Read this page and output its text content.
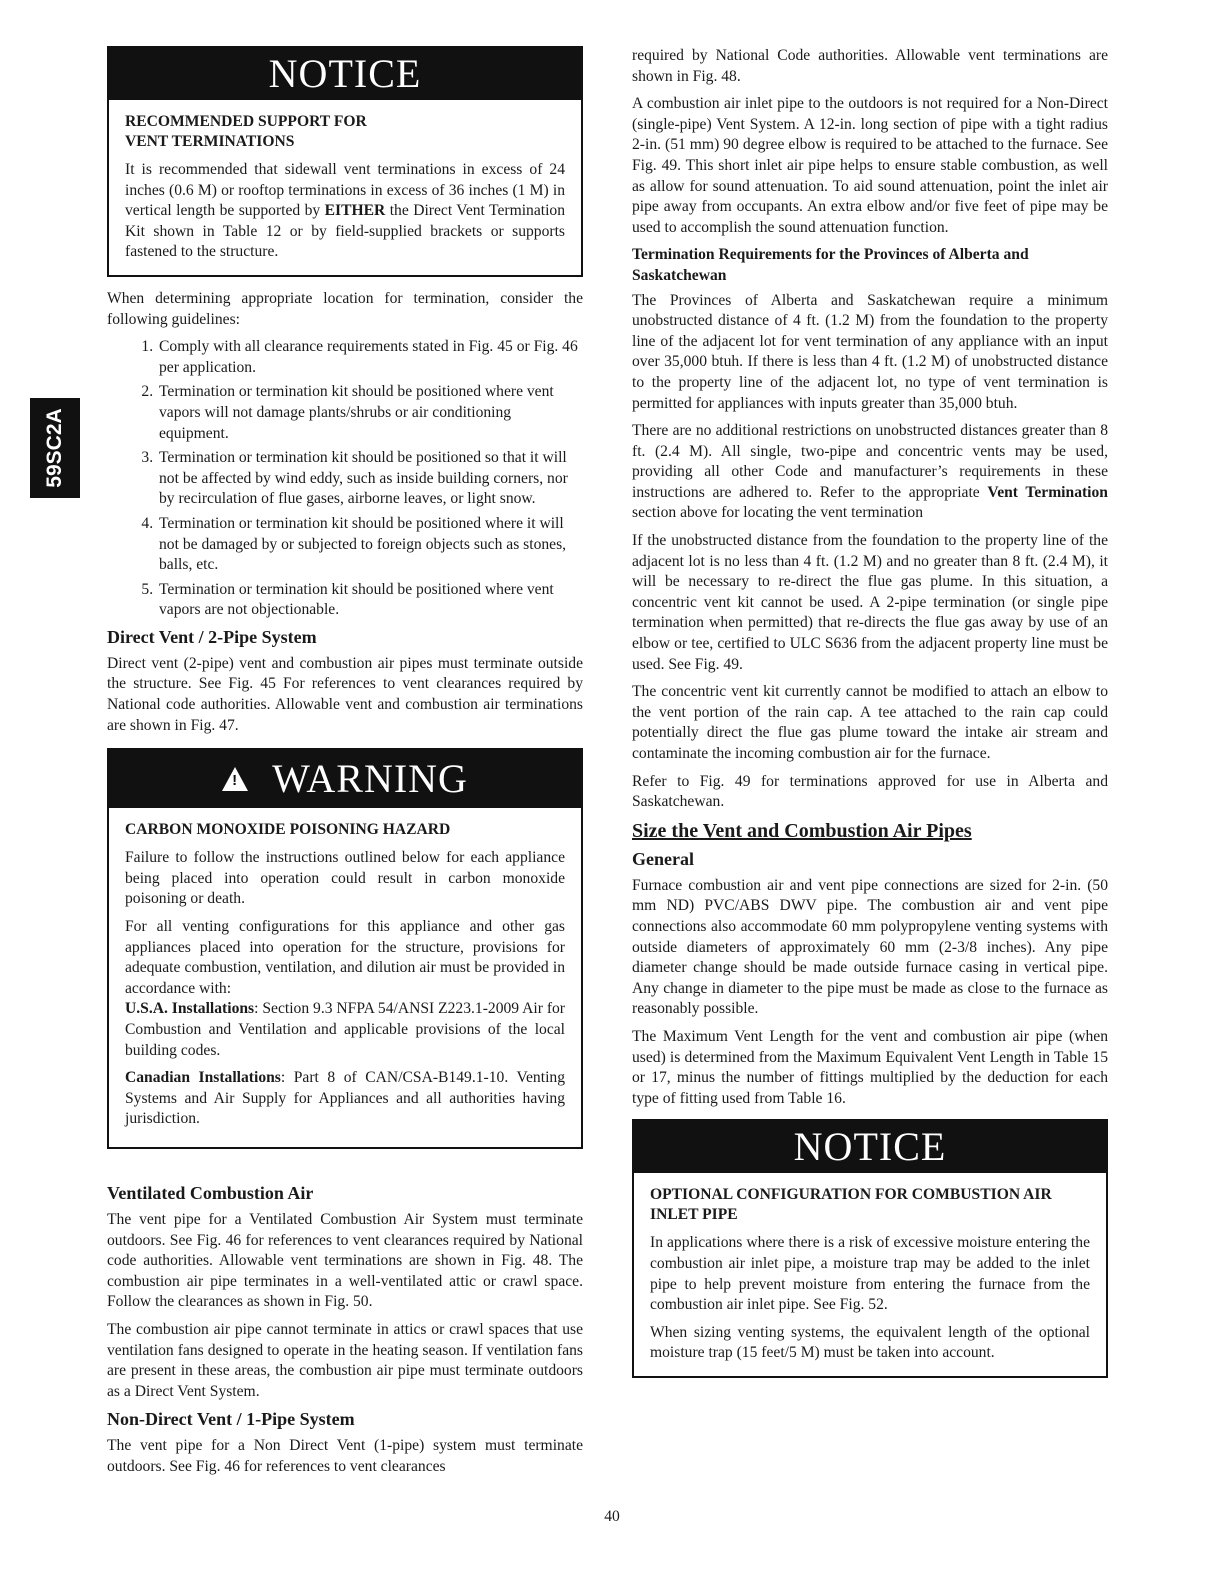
59SC2A
NOTICE
RECOMMENDED SUPPORT FOR
VENT TERMINATIONS

It is recommended that sidewall vent terminations in excess of 24 inches (0.6 M) or rooftop terminations in excess of 36 inches (1 M) in vertical length be supported by EITHER the Direct Vent Termination Kit shown in Table 12 or by field-supplied brackets or supports fastened to the structure.

When determining appropriate location for termination, consider the following guidelines:

1. Comply with all clearance requirements stated in Fig. 45 or Fig. 46 per application.
2. Termination or termination kit should be positioned where vent vapors will not damage plants/shrubs or air conditioning equipment.
3. Termination or termination kit should be positioned so that it will not be affected by wind eddy, such as inside building corners, nor by recirculation of flue gases, airborne leaves, or light snow.
4. Termination or termination kit should be positioned where it will not be damaged by or subjected to foreign objects such as stones, balls, etc.
5. Termination or termination kit should be positioned where vent vapors are not objectionable.
Direct Vent / 2-Pipe System

Direct vent (2-pipe) vent and combustion air pipes must terminate outside the structure. See Fig. 45 For references to vent clearances required by National code authorities. Allowable vent and combustion air terminations are shown in Fig. 47.

! WARNING
CARBON MONOXIDE POISONING HAZARD

Failure to follow the instructions outlined below for each appliance being placed into operation could result in carbon monoxide poisoning or death.

For all venting configurations for this appliance and other gas appliances placed into operation for the structure, provisions for adequate combustion, ventilation, and dilution air must be provided in accordance with:

U.S.A. Installations: Section 9.3 NFPA 54/ANSI Z223.1-2009 Air for Combustion and Ventilation and applicable provisions of the local building codes.

Canadian Installations: Part 8 of CAN/CSA-B149.1-10. Venting Systems and Air Supply for Appliances and all authorities having jurisdiction.

Ventilated Combustion Air

The vent pipe for a Ventilated Combustion Air System must terminate outdoors. See Fig. 46 for references to vent clearances required by National code authorities. Allowable vent terminations are shown in Fig. 48. The combustion air pipe terminates in a well-ventilated attic or crawl space. Follow the clearances as shown in Fig. 50.

The combustion air pipe cannot terminate in attics or crawl spaces that use ventilation fans designed to operate in the heating season. If ventilation fans are present in these areas, the combustion air pipe must terminate outdoors as a Direct Vent System.

Non-Direct Vent / 1-Pipe System

The vent pipe for a Non Direct Vent (1-pipe) system must terminate outdoors. See Fig. 46 for references to vent clearances

required by National Code authorities. Allowable vent terminations are shown in Fig. 48.

A combustion air inlet pipe to the outdoors is not required for a Non-Direct (single-pipe) Vent System. A 12-in. long section of pipe with a tight radius 2-in. (51 mm) 90 degree elbow is required to be attached to the furnace. See Fig. 49. This short inlet air pipe helps to ensure stable combustion, as well as allow for sound attenuation. To aid sound attenuation, point the inlet air pipe away from occupants. An extra elbow and/or five feet of pipe may be used to accomplish the sound attenuation function.

Termination Requirements for the Provinces of Alberta and Saskatchewan

The Provinces of Alberta and Saskatchewan require a minimum unobstructed distance of 4 ft. (1.2 M) from the foundation to the property line of the adjacent lot for vent termination of any appliance with an input over 35,000 btuh. If there is less than 4 ft. (1.2 M) of unobstructed distance to the property line of the adjacent lot, no type of vent termination is permitted for appliances with inputs greater than 35,000 btuh.

There are no additional restrictions on unobstructed distances greater than 8 ft. (2.4 M). All single, two-pipe and concentric vents may be used, providing all other Code and manufacturer’s requirements in these instructions are adhered to. Refer to the appropriate Vent Termination section above for locating the vent termination

If the unobstructed distance from the foundation to the property line of the adjacent lot is no less than 4 ft. (1.2 M) and no greater than 8 ft. (2.4 M), it will be necessary to re-direct the flue gas plume. In this situation, a concentric vent kit cannot be used. A 2-pipe termination (or single pipe termination when permitted) that re-directs the flue gas away by use of an elbow or tee, certified to ULC S636 from the adjacent property line must be used. See Fig. 49.

The concentric vent kit currently cannot be modified to attach an elbow to the vent portion of the rain cap. A tee attached to the rain cap could potentially direct the flue gas plume toward the intake air stream and contaminate the incoming combustion air for the furnace.

Refer to Fig. 49 for terminations approved for use in Alberta and Saskatchewan.

Size the Vent and Combustion Air Pipes
General

Furnace combustion air and vent pipe connections are sized for 2-in. (50 mm ND) PVC/ABS DWV pipe. The combustion air and vent pipe connections also accommodate 60 mm polypropylene venting systems with outside diameters of approximately 60 mm (2-3/8 inches). Any pipe diameter change should be made outside furnace casing in vertical pipe. Any change in diameter to the pipe must be made as close to the furnace as reasonably possible.

The Maximum Vent Length for the vent and combustion air pipe (when used) is determined from the Maximum Equivalent Vent Length in Table 15 or 17, minus the number of fittings multiplied by the deduction for each type of fitting used from Table 16.

NOTICE
OPTIONAL CONFIGURATION FOR COMBUSTION AIR INLET PIPE

In applications where there is a risk of excessive moisture entering the combustion air inlet pipe, a moisture trap may be added to the inlet pipe to help prevent moisture from entering the furnace from the combustion air inlet pipe. See Fig. 52.

When sizing venting systems, the equivalent length of the optional moisture trap (15 feet/5 M) must be taken into account.

40
